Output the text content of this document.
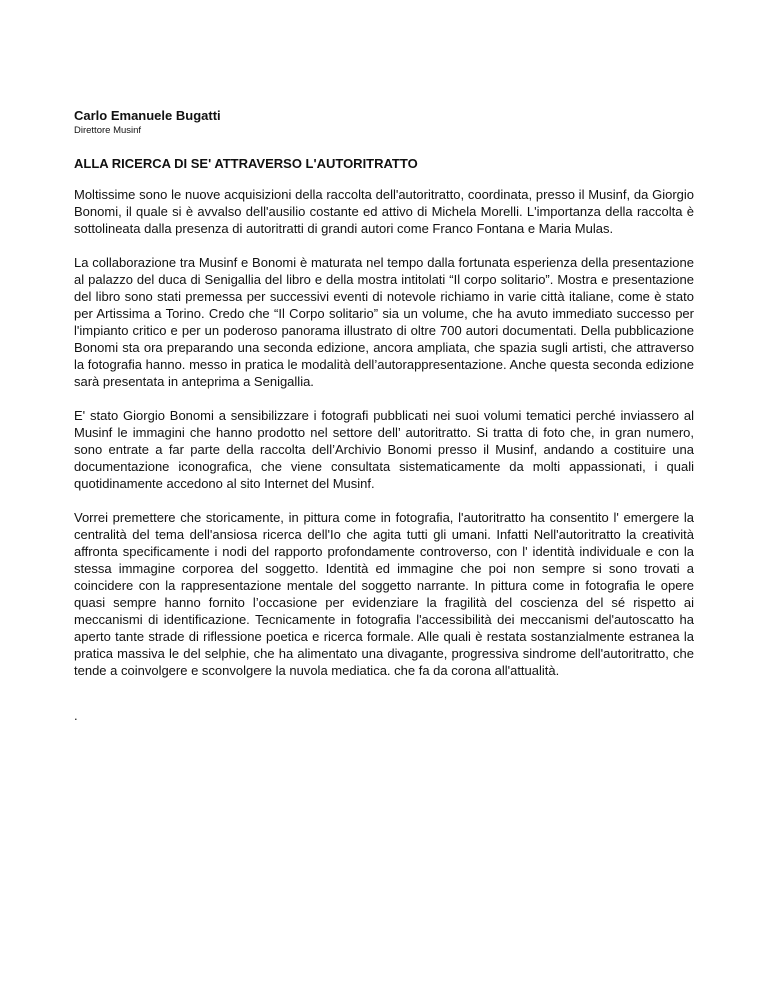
Carlo Emanuele Bugatti

Direttore Musinf

ALLA RICERCA DI SE' ATTRAVERSO L'AUTORITRATTO

Moltissime sono le nuove acquisizioni della raccolta dell'autoritratto, coordinata, presso il Musinf, da Giorgio Bonomi, il quale si è avvalso dell'ausilio costante ed attivo di Michela Morelli. L'importanza della raccolta è sottolineata dalla presenza di autoritratti di grandi autori come Franco Fontana e Maria Mulas.

La collaborazione tra Musinf e Bonomi è maturata nel tempo dalla fortunata esperienza della presentazione al palazzo del duca di Senigallia del libro e della mostra intitolati “Il corpo solitario”. Mostra e presentazione del libro sono stati premessa per successivi eventi di notevole richiamo in varie città italiane, come è stato per Artissima a Torino. Credo che “Il Corpo solitario” sia un volume, che ha avuto immediato successo per l'impianto critico e per un poderoso panorama illustrato di oltre 700 autori documentati. Della pubblicazione Bonomi sta ora preparando una seconda edizione, ancora ampliata, che spazia sugli artisti, che attraverso la fotografia hanno. messo in pratica le modalità dell’autorappresentazione. Anche questa seconda edizione sarà presentata in anteprima a Senigallia.

E' stato Giorgio Bonomi a sensibilizzare i fotografi pubblicati nei suoi volumi tematici perché inviassero al Musinf le immagini che hanno prodotto nel settore dell’ autoritratto. Si tratta di foto che, in gran numero, sono entrate a far parte della raccolta dell’Archivio Bonomi presso il Musinf, andando a costituire una documentazione iconografica, che viene consultata sistematicamente da molti appassionati, i quali quotidinamente accedono al sito Internet del Musinf.

Vorrei premettere che storicamente, in pittura come in fotografia, l'autoritratto ha consentito l' emergere la centralità del tema dell'ansiosa ricerca dell'Io che agita tutti gli umani. Infatti Nell'autoritratto la creatività affronta specificamente i nodi del rapporto profondamente controverso, con l' identità individuale e con la stessa immagine corporea del soggetto. Identità ed immagine che poi non sempre si sono trovati a coincidere con la rappresentazione mentale del soggetto narrante. In pittura come in fotografia le opere quasi sempre hanno fornito l’occasione per evidenziare la fragilità del coscienza del sé rispetto ai meccanismi di identificazione. Tecnicamente in fotografia l'accessibilità dei meccanismi del'autoscatto ha aperto tante strade di riflessione poetica e ricerca formale. Alle quali è restata sostanzialmente estranea la pratica massiva le del selphie, che ha alimentato una divagante, progressiva sindrome dell'autoritratto, che tende a coinvolgere e sconvolgere la nuvola mediatica. che fa da corona all'attualità.

.
